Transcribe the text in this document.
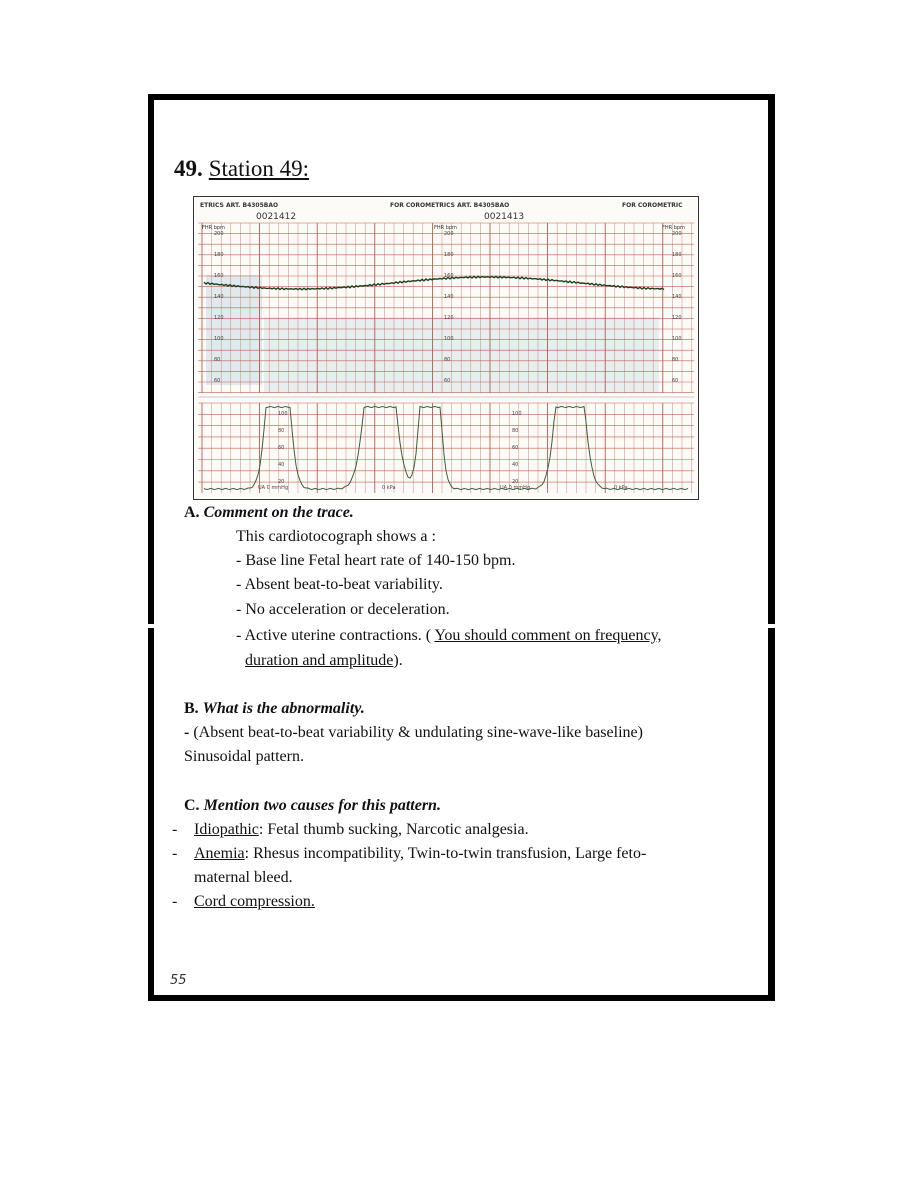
49. Station 49:
ETRICS ART. B4305BAO	FOR COROMETRICS ART. B4305BAO	FOR COROMETRIC
0021412	0021413
FHR bpm	FHR bpm	FHR bpm
200	200	200
180	180	180
160	160	160
140	140	140
120	120	120
100	100	100
80	80	80
60	60	60
100	100
80	80
60	60
40	40
20	20
UA 0 mmHg	0 kPa	UA 0 mmHg	0 kPa
A. Comment on the trace.
This cardiotocograph shows a :
- Base line Fetal heart rate of 140-150 bpm.
- Absent beat-to-beat variability.
- No acceleration or deceleration.
- Active uterine contractions. ( You should comment on frequency,
duration and amplitude).
B. What is the abnormality.
- (Absent beat-to-beat variability & undulating sine-wave-like baseline)
Sinusoidal pattern.
C. Mention two causes for this pattern.
- Idiopathic: Fetal thumb sucking, Narcotic analgesia.
- Anemia: Rhesus incompatibility, Twin-to-twin transfusion, Large feto-
maternal bleed.
- Cord compression.
55
